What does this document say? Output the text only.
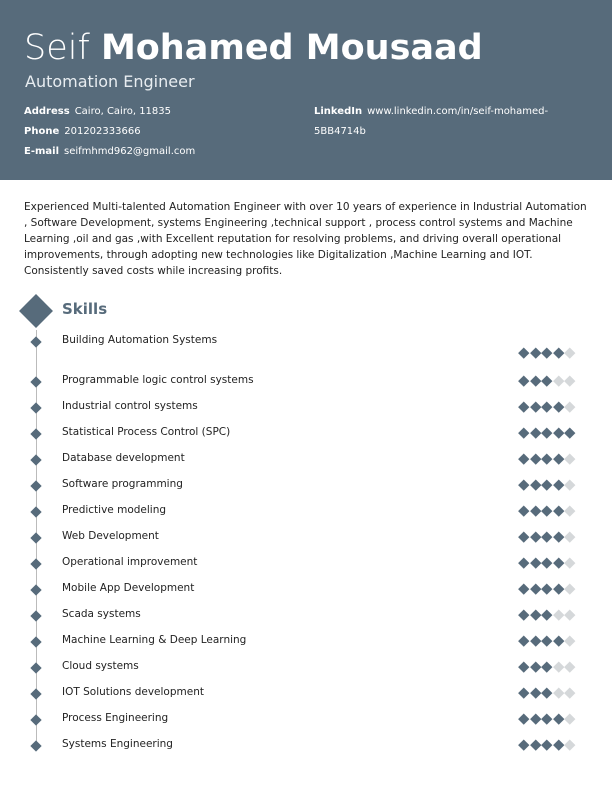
Seif Mohamed Mousaad
Automation Engineer
Address Cairo, Cairo, 11835
Phone 201202333666
E-mail seifmhmd962@gmail.com
LinkedIn www.linkedin.com/in/seif-mohamed-
5BB4714b
Experienced Multi-talented Automation Engineer with over 10 years of experience in Industrial Automation , Software Development, systems Engineering ,technical support , process control systems and Machine Learning ,oil and gas ,with Excellent reputation for resolving problems, and driving overall operational improvements, through adopting new technologies like Digitalization ,Machine Learning and IOT. Consistently saved costs while increasing profits.
Skills
Building Automation Systems
Programmable logic control systems
Industrial control systems
Statistical Process Control (SPC)
Database development
Software programming
Predictive modeling
Web Development
Operational improvement
Mobile App Development
Scada systems
Machine Learning & Deep Learning
Cloud systems
IOT Solutions development
Process Engineering
Systems Engineering
